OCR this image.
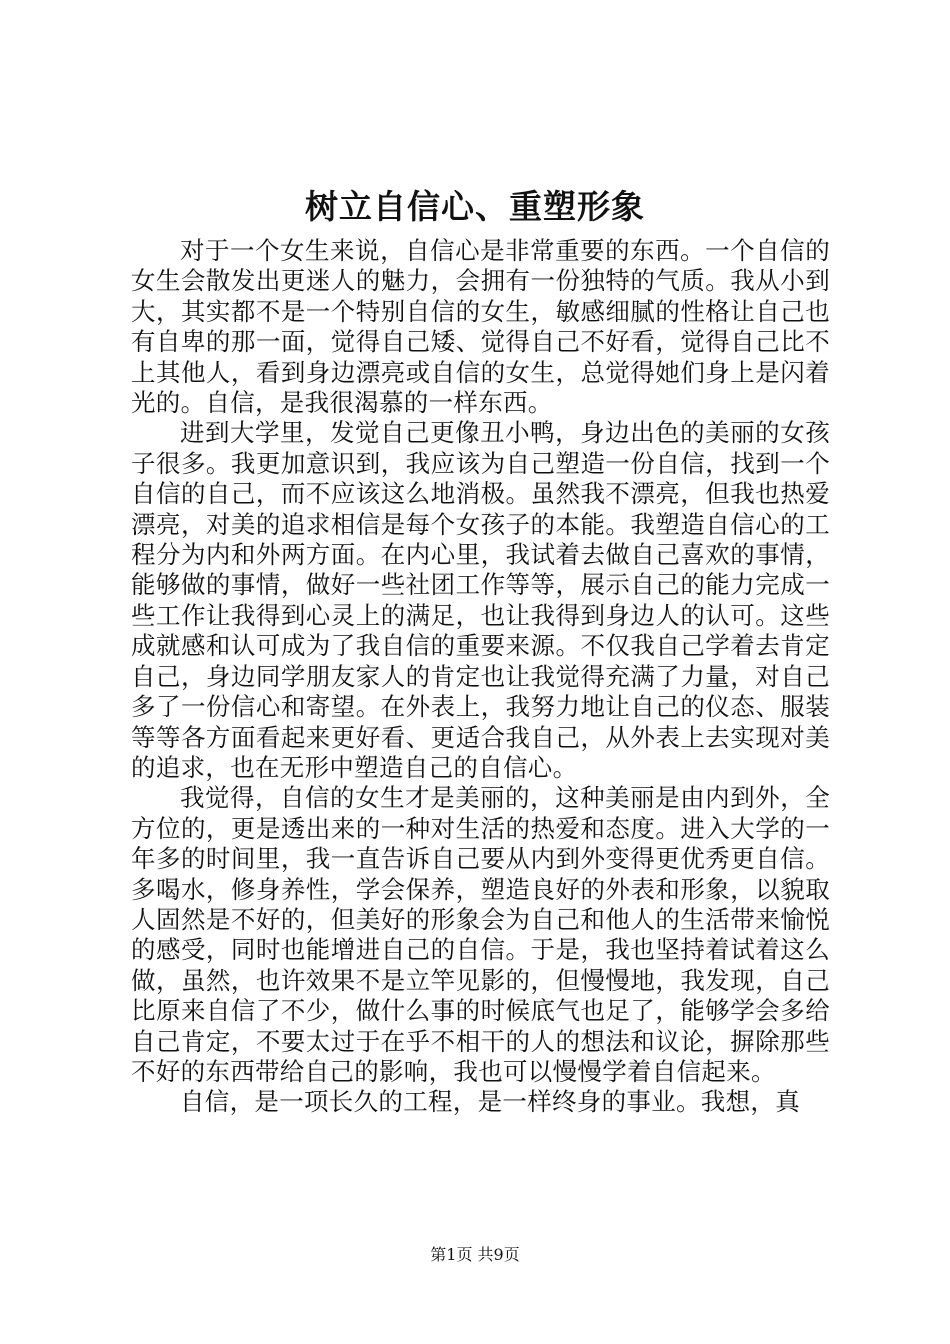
树立自信心、重塑形象

对于一个女生来说，自信心是非常重要的东西。一个自信的女生会散发出更迷人的魅力，会拥有一份独特的气质。我从小到大，其实都不是一个特别自信的女生，敏感细腻的性格让自己也有自卑的那一面，觉得自己矮、觉得自己不好看，觉得自己比不上其他人，看到身边漂亮或自信的女生，总觉得她们身上是闪着光的。自信，是我很渴慕的一样东西。

进到大学里，发觉自己更像丑小鸭，身边出色的美丽的女孩子很多。我更加意识到，我应该为自己塑造一份自信，找到一个自信的自己，而不应该这么地消极。虽然我不漂亮，但我也热爱漂亮，对美的追求相信是每个女孩子的本能。我塑造自信心的工程分为内和外两方面。在内心里，我试着去做自己喜欢的事情，能够做的事情，做好一些社团工作等等，展示自己的能力完成一些工作让我得到心灵上的满足，也让我得到身边人的认可。这些成就感和认可成为了我自信的重要来源。不仅我自己学着去肯定自己，身边同学朋友家人的肯定也让我觉得充满了力量，对自己多了一份信心和寄望。在外表上，我努力地让自己的仪态、服装等等各方面看起来更好看、更适合我自己，从外表上去实现对美的追求，也在无形中塑造自己的自信心。

我觉得，自信的女生才是美丽的，这种美丽是由内到外，全方位的，更是透出来的一种对生活的热爱和态度。进入大学的一年多的时间里，我一直告诉自己要从内到外变得更优秀更自信。多喝水，修身养性，学会保养，塑造良好的外表和形象，以貌取人固然是不好的，但美好的形象会为自己和他人的生活带来愉悦的感受，同时也能增进自己的自信。于是，我也坚持着试着这么做，虽然，也许效果不是立竿见影的，但慢慢地，我发现，自己比原来自信了不少，做什么事的时候底气也足了，能够学会多给自己肯定，不要太过于在乎不相干的人的想法和议论，摒除那些不好的东西带给自己的影响，我也可以慢慢学着自信起来。

自信，是一项长久的工程，是一样终身的事业。我想，真

第1页 共9页
